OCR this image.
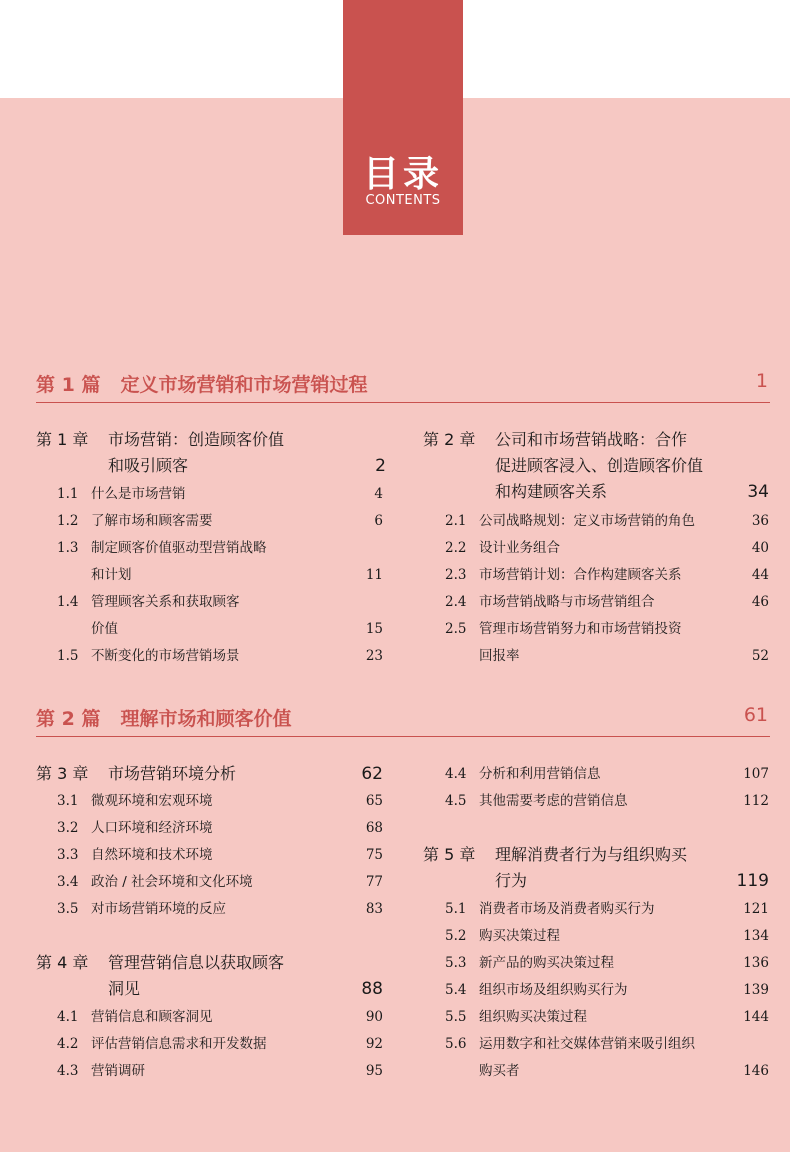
目录
CONTENTS
第 1 篇 定义市场营销和市场营销过程	1
第 1 章 市场营销：创造顾客价值
和吸引顾客	2
1.1 什么是市场营销	4
1.2 了解市场和顾客需要	6
1.3 制定顾客价值驱动型营销战略
和计划	11
1.4 管理顾客关系和获取顾客
价值	15
1.5 不断变化的市场营销场景	23
第 2 章 公司和市场营销战略：合作
促进顾客浸入、创造顾客价值
和构建顾客关系	34
2.1 公司战略规划：定义市场营销的角色	36
2.2 设计业务组合	40
2.3 市场营销计划：合作构建顾客关系	44
2.4 市场营销战略与市场营销组合	46
2.5 管理市场营销努力和市场营销投资
回报率	52
第 2 篇 理解市场和顾客价值	61
第 3 章 市场营销环境分析	62
3.1 微观环境和宏观环境	65
3.2 人口环境和经济环境	68
3.3 自然环境和技术环境	75
3.4 政治 / 社会环境和文化环境	77
3.5 对市场营销环境的反应	83
第 4 章 管理营销信息以获取顾客
洞见	88
4.1 营销信息和顾客洞见	90
4.2 评估营销信息需求和开发数据	92
4.3 营销调研	95
4.4 分析和利用营销信息	107
4.5 其他需要考虑的营销信息	112
第 5 章 理解消费者行为与组织购买
行为	119
5.1 消费者市场及消费者购买行为	121
5.2 购买决策过程	134
5.3 新产品的购买决策过程	136
5.4 组织市场及组织购买行为	139
5.5 组织购买决策过程	144
5.6 运用数字和社交媒体营销来吸引组织
购买者	146
